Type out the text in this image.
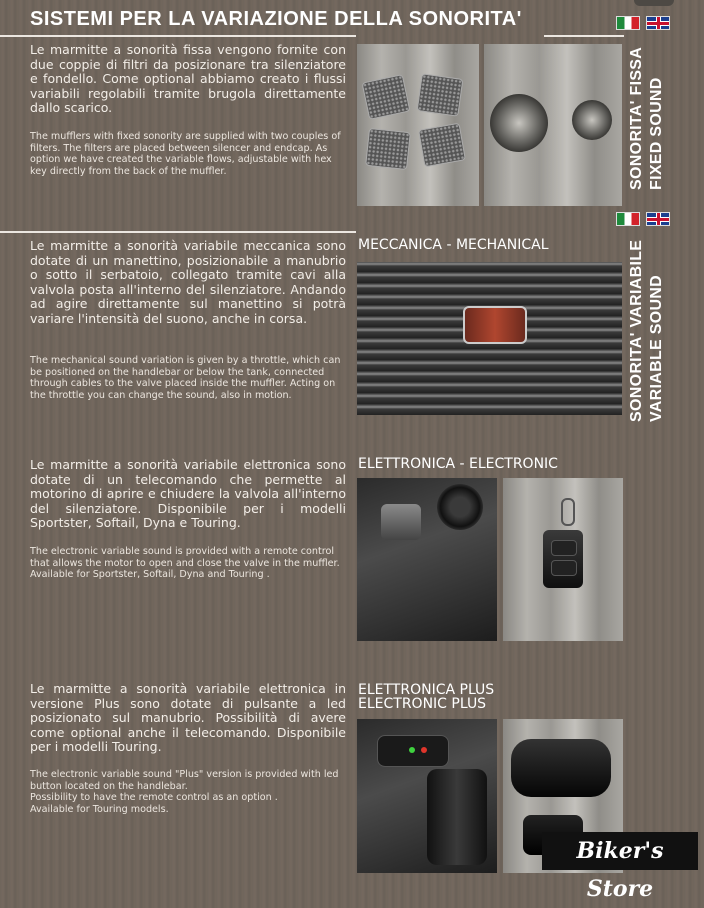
SISTEMI PER LA VARIAZIONE DELLA SONORITA'

Le marmitte a sonorità fissa vengono fornite con due coppie di filtri da posizionare tra silenziatore e fondello. Come optional abbiamo creato i flussi variabili regolabili tramite brugola direttamente dallo scarico.

The mufflers with fixed sonority are supplied with two couples of filters. The filters are placed between silencer and endcap. As option we have created the variable flows, adjustable with hex key directly from the back of the muffler.	SONORITA' FISSA FIXED SOUND
SONORITA' VARIABILE VARIABLE SOUND
MECCANICA - MECHANICAL

Le marmitte a sonorità variabile meccanica sono dotate di un manettino, posizionabile a manubrio o sotto il serbatoio, collegato tramite cavi alla valvola posta all'interno del silenziatore. Andando ad agire direttamente sul manettino si potrà variare l'intensità del suono, anche in corsa.

The mechanical sound variation is given by a throttle, which can be positioned on the handlebar or below the tank, connected through cables to the valve placed inside the muffler. Acting on the throttle you can change the sound, also in motion.

ELETTRONICA - ELECTRONIC

Le marmitte a sonorità variabile elettronica sono dotate di un telecomando che permette al motorino di aprire e chiudere la valvola all'interno del silenziatore. Disponibile per i modelli Sportster, Softail, Dyna e Touring.

The electronic variable sound is provided with a remote control that allows the motor to open and close the valve in the muffler. Available for Sportster, Softail, Dyna and Touring .

ELETTRONICA PLUS
ELECTRONIC PLUS

Le marmitte a sonorità variabile elettronica in versione Plus sono dotate di pulsante a led posizionato sul manubrio. Possibilità di avere come optional anche il telecomando. Disponibile per i modelli Touring.

The electronic variable sound "Plus" version is provided with led button located on the handlebar.
Possibility to have the remote control as an option .
Available for Touring models.

Biker's Store
